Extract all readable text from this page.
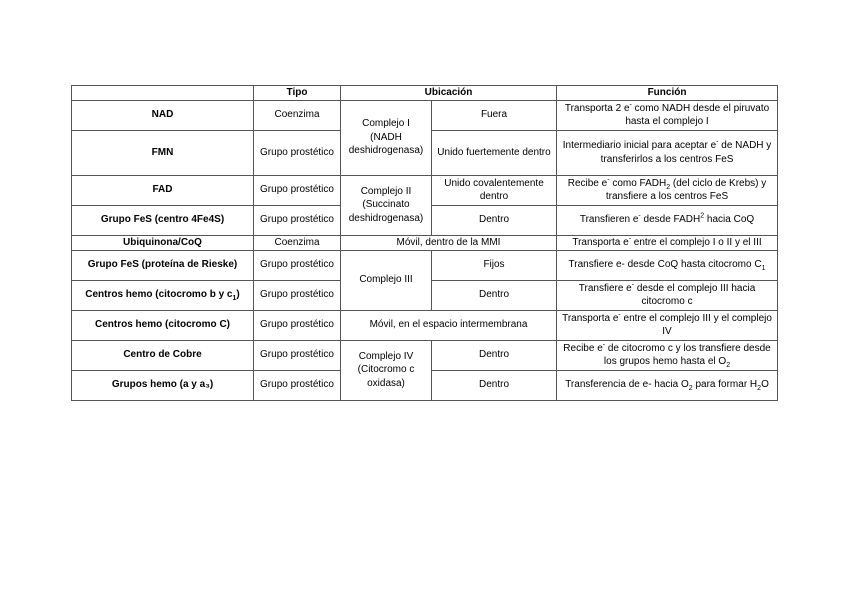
	Tipo	Ubicación		Función
NAD	Coenzima	Complejo I (NADH deshidrogenasa)	Fuera	Transporta 2 e- como NADH desde el piruvato hasta el complejo I
FMN	Grupo prostético		Unido fuertemente dentro	Intermediario inicial para aceptar e- de NADH y transferirlos a los centros FeS
FAD	Grupo prostético	Complejo II (Succinato deshidrogenasa)	Unido covalentemente dentro	Recibe e- como $FADH_2$ (del ciclo de Krebs) y transfiere a los centros FeS
Grupo FeS (centro 4Fe4S)	Grupo prostético		Dentro	Transfieren e- desde FADH$^2$ hacia CoQ
Ubiquinona/CoQ	Coenzima	Móvil, dentro de la MMI		Transporta e- entre el complejo I o II y el III
Grupo FeS (proteína de Rieske)	Grupo prostético	Complejo III	Fijos	Transfiere e- desde CoQ hasta citocromo $C_1$
Centros hemo (citocromo b y $c_1$)	Grupo prostético		Dentro	Transfiere e- desde el complejo III hacia citocromo c
Centros hemo (citocromo C)	Grupo prostético	Móvil, en el espacio intermembrana		Transporta e- entre el complejo III y el complejo IV
Centro de Cobre	Grupo prostético	Complejo IV (Citocromo c oxidasa)	Dentro	Recibe e- de citocromo c y los transfiere desde los grupos hemo hasta el $O_2$
Grupos hemo (a y a₃)	Grupo prostético		Dentro	Transferencia de e- hacia $O_2$ para formar $H_2O$
